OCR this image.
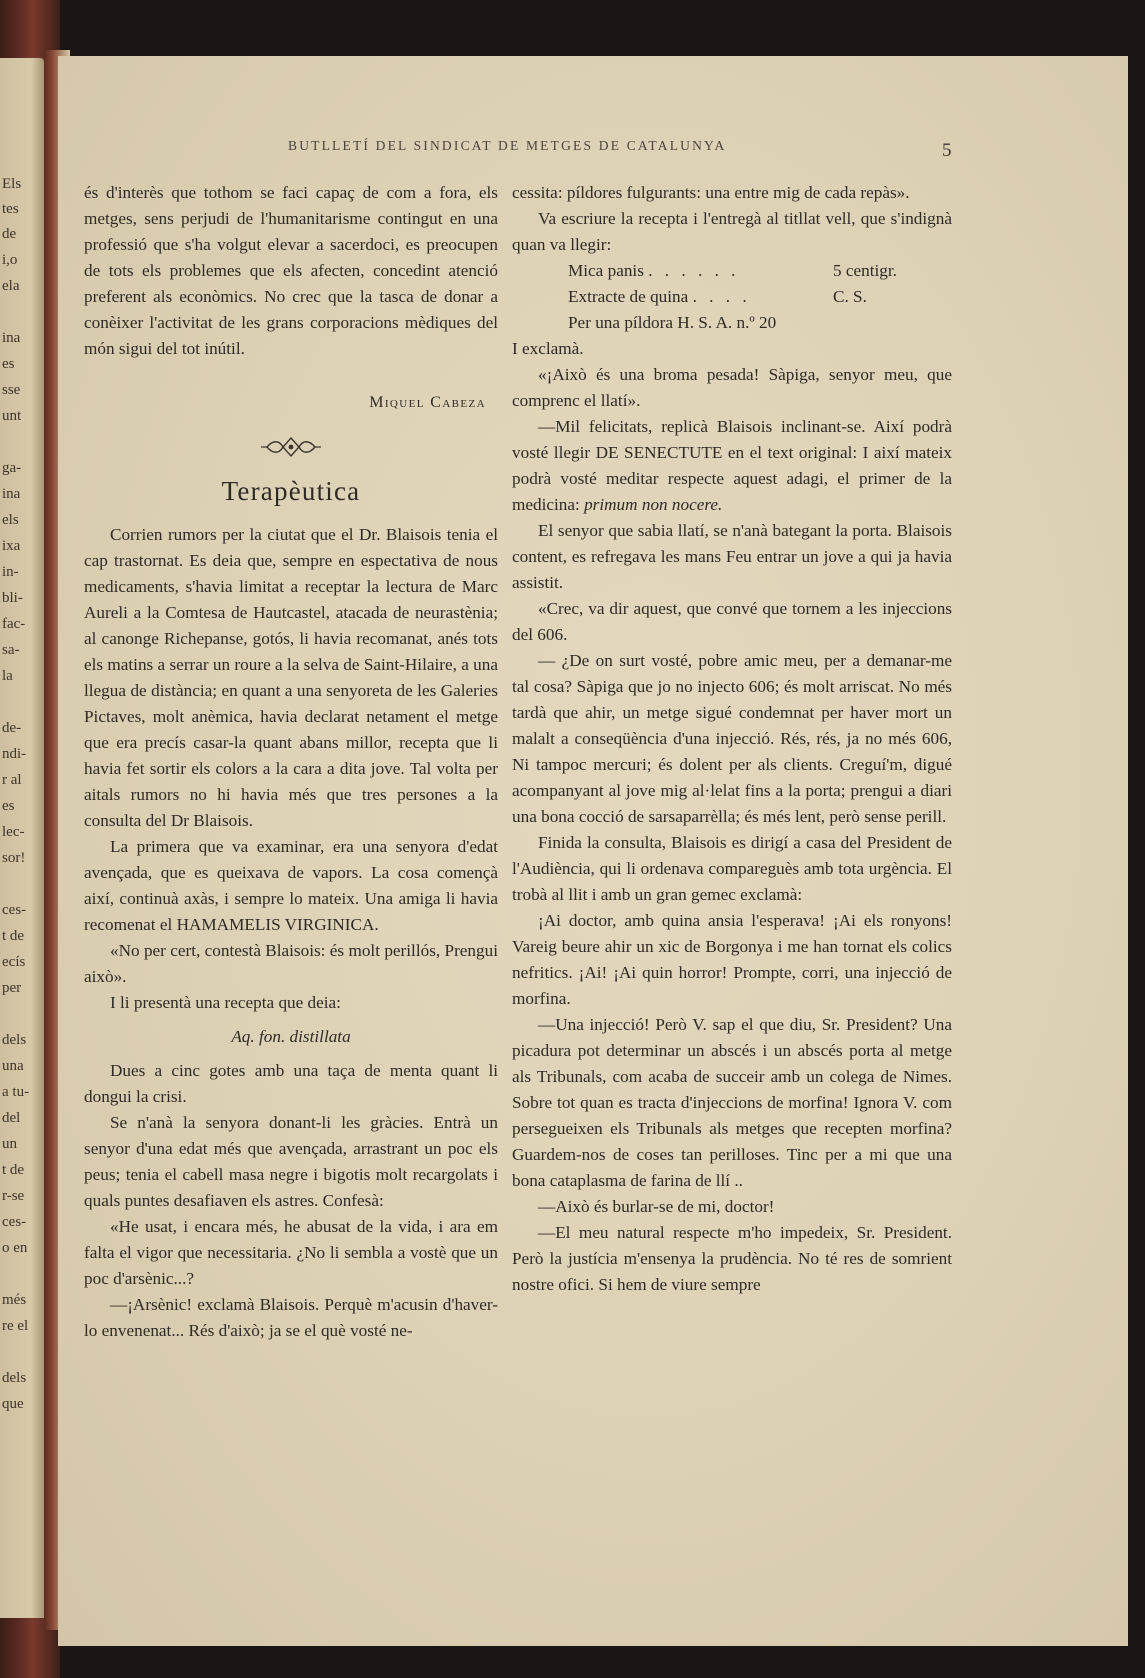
Els
tes
de
i,o
ela
ina
es
sse
unt
ga-
ina
els
ixa
in-
bli-
fac-
sa-
la
de-
ndi-
r al
es
lec-
sor!
ces-
t de
ecís
per
dels
una
a tu-
del
un
t de
r-se
ces-
o en
més
re el
dels
que
BUTLLETÍ DEL SINDICAT DE METGES DE CATALUNYA	5

és d'interès que tothom se faci capaç de com a fora, els metges, sens perjudi de l'humanitarisme contingut en una professió que s'ha volgut elevar a sacerdoci, es preocupen de tots els problemes que els afecten, concedint atenció preferent als econòmics. No crec que la tasca de donar a conèixer l'activitat de les grans corporacions mèdiques del món sigui del tot inútil.

Miquel Cabeza

Terapèutica

Corrien rumors per la ciutat que el Dr. Blaisois tenia el cap trastornat. Es deia que, sempre en espectativa de nous medicaments, s'havia limitat a receptar la lectura de Marc Aureli a la Comtesa de Hautcastel, atacada de neurastènia; al canonge Richepanse, gotós, li havia recomanat, anés tots els matins a serrar un roure a la selva de Saint-Hilaire, a una llegua de distància; en quant a una senyoreta de les Galeries Pictaves, molt anèmica, havia declarat netament el metge que era precís casar-la quant abans millor, recepta que li havia fet sortir els colors a la cara a dita jove. Tal volta per aitals rumors no hi havia més que tres persones a la consulta del Dr Blaisois.

La primera que va examinar, era una senyora d'edat avençada, que es queixava de vapors. La cosa començà així, continuà axàs, i sempre lo mateix. Una amiga li havia recomenat el HAMAMELIS VIRGINICA.

«No per cert, contestà Blaisois: és molt perillós, Prengui això».

I li presentà una recepta que deia:

Aq. fon. distillata

Dues a cinc gotes amb una taça de menta quant li dongui la crisi.

Se n'anà la senyora donant-li les gràcies. Entrà un senyor d'una edat més que avençada, arrastrant un poc els peus; tenia el cabell masa negre i bigotis molt recargolats i quals puntes desafiaven els astres. Confesà:

«He usat, i encara més, he abusat de la vida, i ara em falta el vigor que necessitaria. ¿No li sembla a vostè que un poc d'arsènic...?

—¡Arsènic! exclamà Blaisois. Perquè m'acusin d'haver-lo envenenat... Rés d'això; ja se el què vosté ne-

cessita: píldores fulgurants: una entre mig de cada repàs».

Va escriure la recepta i l'entregà al titllat vell, que s'indignà quan va llegir:

Mica panis . . . . . .	5 centigr.
Extracte de quina . . . .	C. S.
Per una píldora H. S. A. n.º 20

I exclamà.

«¡Això és una broma pesada! Sàpiga, senyor meu, que comprenc el llatí».

—Mil felicitats, replicà Blaisois inclinant-se. Així podrà vosté llegir DE SENECTUTE en el text original: I així mateix podrà vosté meditar respecte aquest adagi, el primer de la medicina: primum non nocere.

El senyor que sabia llatí, se n'anà bategant la porta. Blaisois content, es refregava les mans Feu entrar un jove a qui ja havia assistit.

«Crec, va dir aquest, que convé que tornem a les injeccions del 606.

— ¿De on surt vosté, pobre amic meu, per a demanar-me tal cosa? Sàpiga que jo no injecto 606; és molt arriscat. No més tardà que ahir, un metge sigué condemnat per haver mort un malalt a conseqüència d'una injecció. Rés, rés, ja no més 606, Ni tampoc mercuri; és dolent per als clients. Creguí'm, digué acompanyant al jove mig al·lelat fins a la porta; prengui a diari una bona cocció de sarsaparrèlla; és més lent, però sense perill.

Finida la consulta, Blaisois es dirigí a casa del President de l'Audiència, qui li ordenava compareguès amb tota urgència. El trobà al llit i amb un gran gemec exclamà:

¡Ai doctor, amb quina ansia l'esperava! ¡Ai els ronyons! Vareig beure ahir un xic de Borgonya i me han tornat els colics nefritics. ¡Ai! ¡Ai quin horror! Prompte, corri, una injecció de morfina.

—Una injecció! Però V. sap el que diu, Sr. President? Una picadura pot determinar un abscés i un abscés porta al metge als Tribunals, com acaba de succeir amb un colega de Nimes. Sobre tot quan es tracta d'injeccions de morfina! Ignora V. com persegueixen els Tribunals als metges que recepten morfina? Guardem-nos de coses tan perilloses. Tinc per a mi que una bona cataplasma de farina de llí ..

—Això és burlar-se de mi, doctor!

—El meu natural respecte m'ho impedeix, Sr. President. Però la justícia m'ensenya la prudència. No té res de somrient nostre ofici. Si hem de viure sempre
